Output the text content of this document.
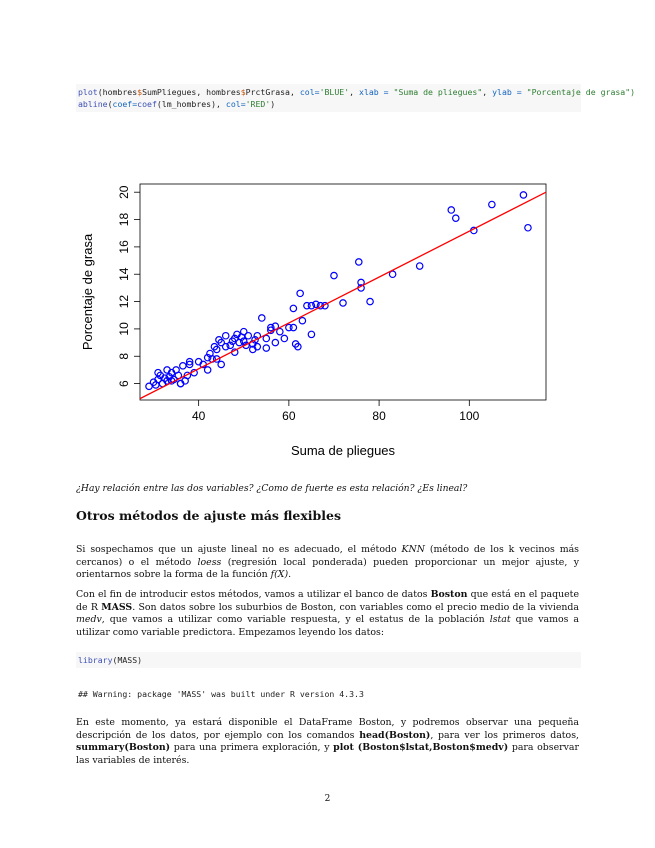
plot(hombres$SumPliegues, hombres$PrctGrasa, col='BLUE', xlab = "Suma de pliegues", ylab = "Porcentaje de grasa")
abline(coef=coef(lm_hombres), col='RED')
40	60	80	100
6
8
10
12
14
16
18
20
Suma de pliegues
Porcentaje de grasa
¿Hay relación entre las dos variables? ¿Como de fuerte es esta relación? ¿Es lineal?
Otros métodos de ajuste más flexibles

Si sospechamos que un ajuste lineal no es adecuado, el método KNN (método de los k vecinos más cercanos) o el método loess (regresión local ponderada) pueden proporcionar un mejor ajuste, y orientarnos sobre la forma de la función f(X).

Con el fin de introducir estos métodos, vamos a utilizar el banco de datos Boston que está en el paquete de R MASS. Son datos sobre los suburbios de Boston, con variables como el precio medio de la vivienda medv, que vamos a utilizar como variable respuesta, y el estatus de la población lstat que vamos a utilizar como variable predictora. Empezamos leyendo los datos:

library(MASS)
## Warning: package 'MASS' was built under R version 4.3.3

En este momento, ya estará disponible el DataFrame Boston, y podremos observar una pequeña descripción de los datos, por ejemplo con los comandos head(Boston), para ver los primeros datos, summary(Boston) para una primera exploración, y plot (Boston$lstat,Boston$medv) para observar las variables de interés.

2
